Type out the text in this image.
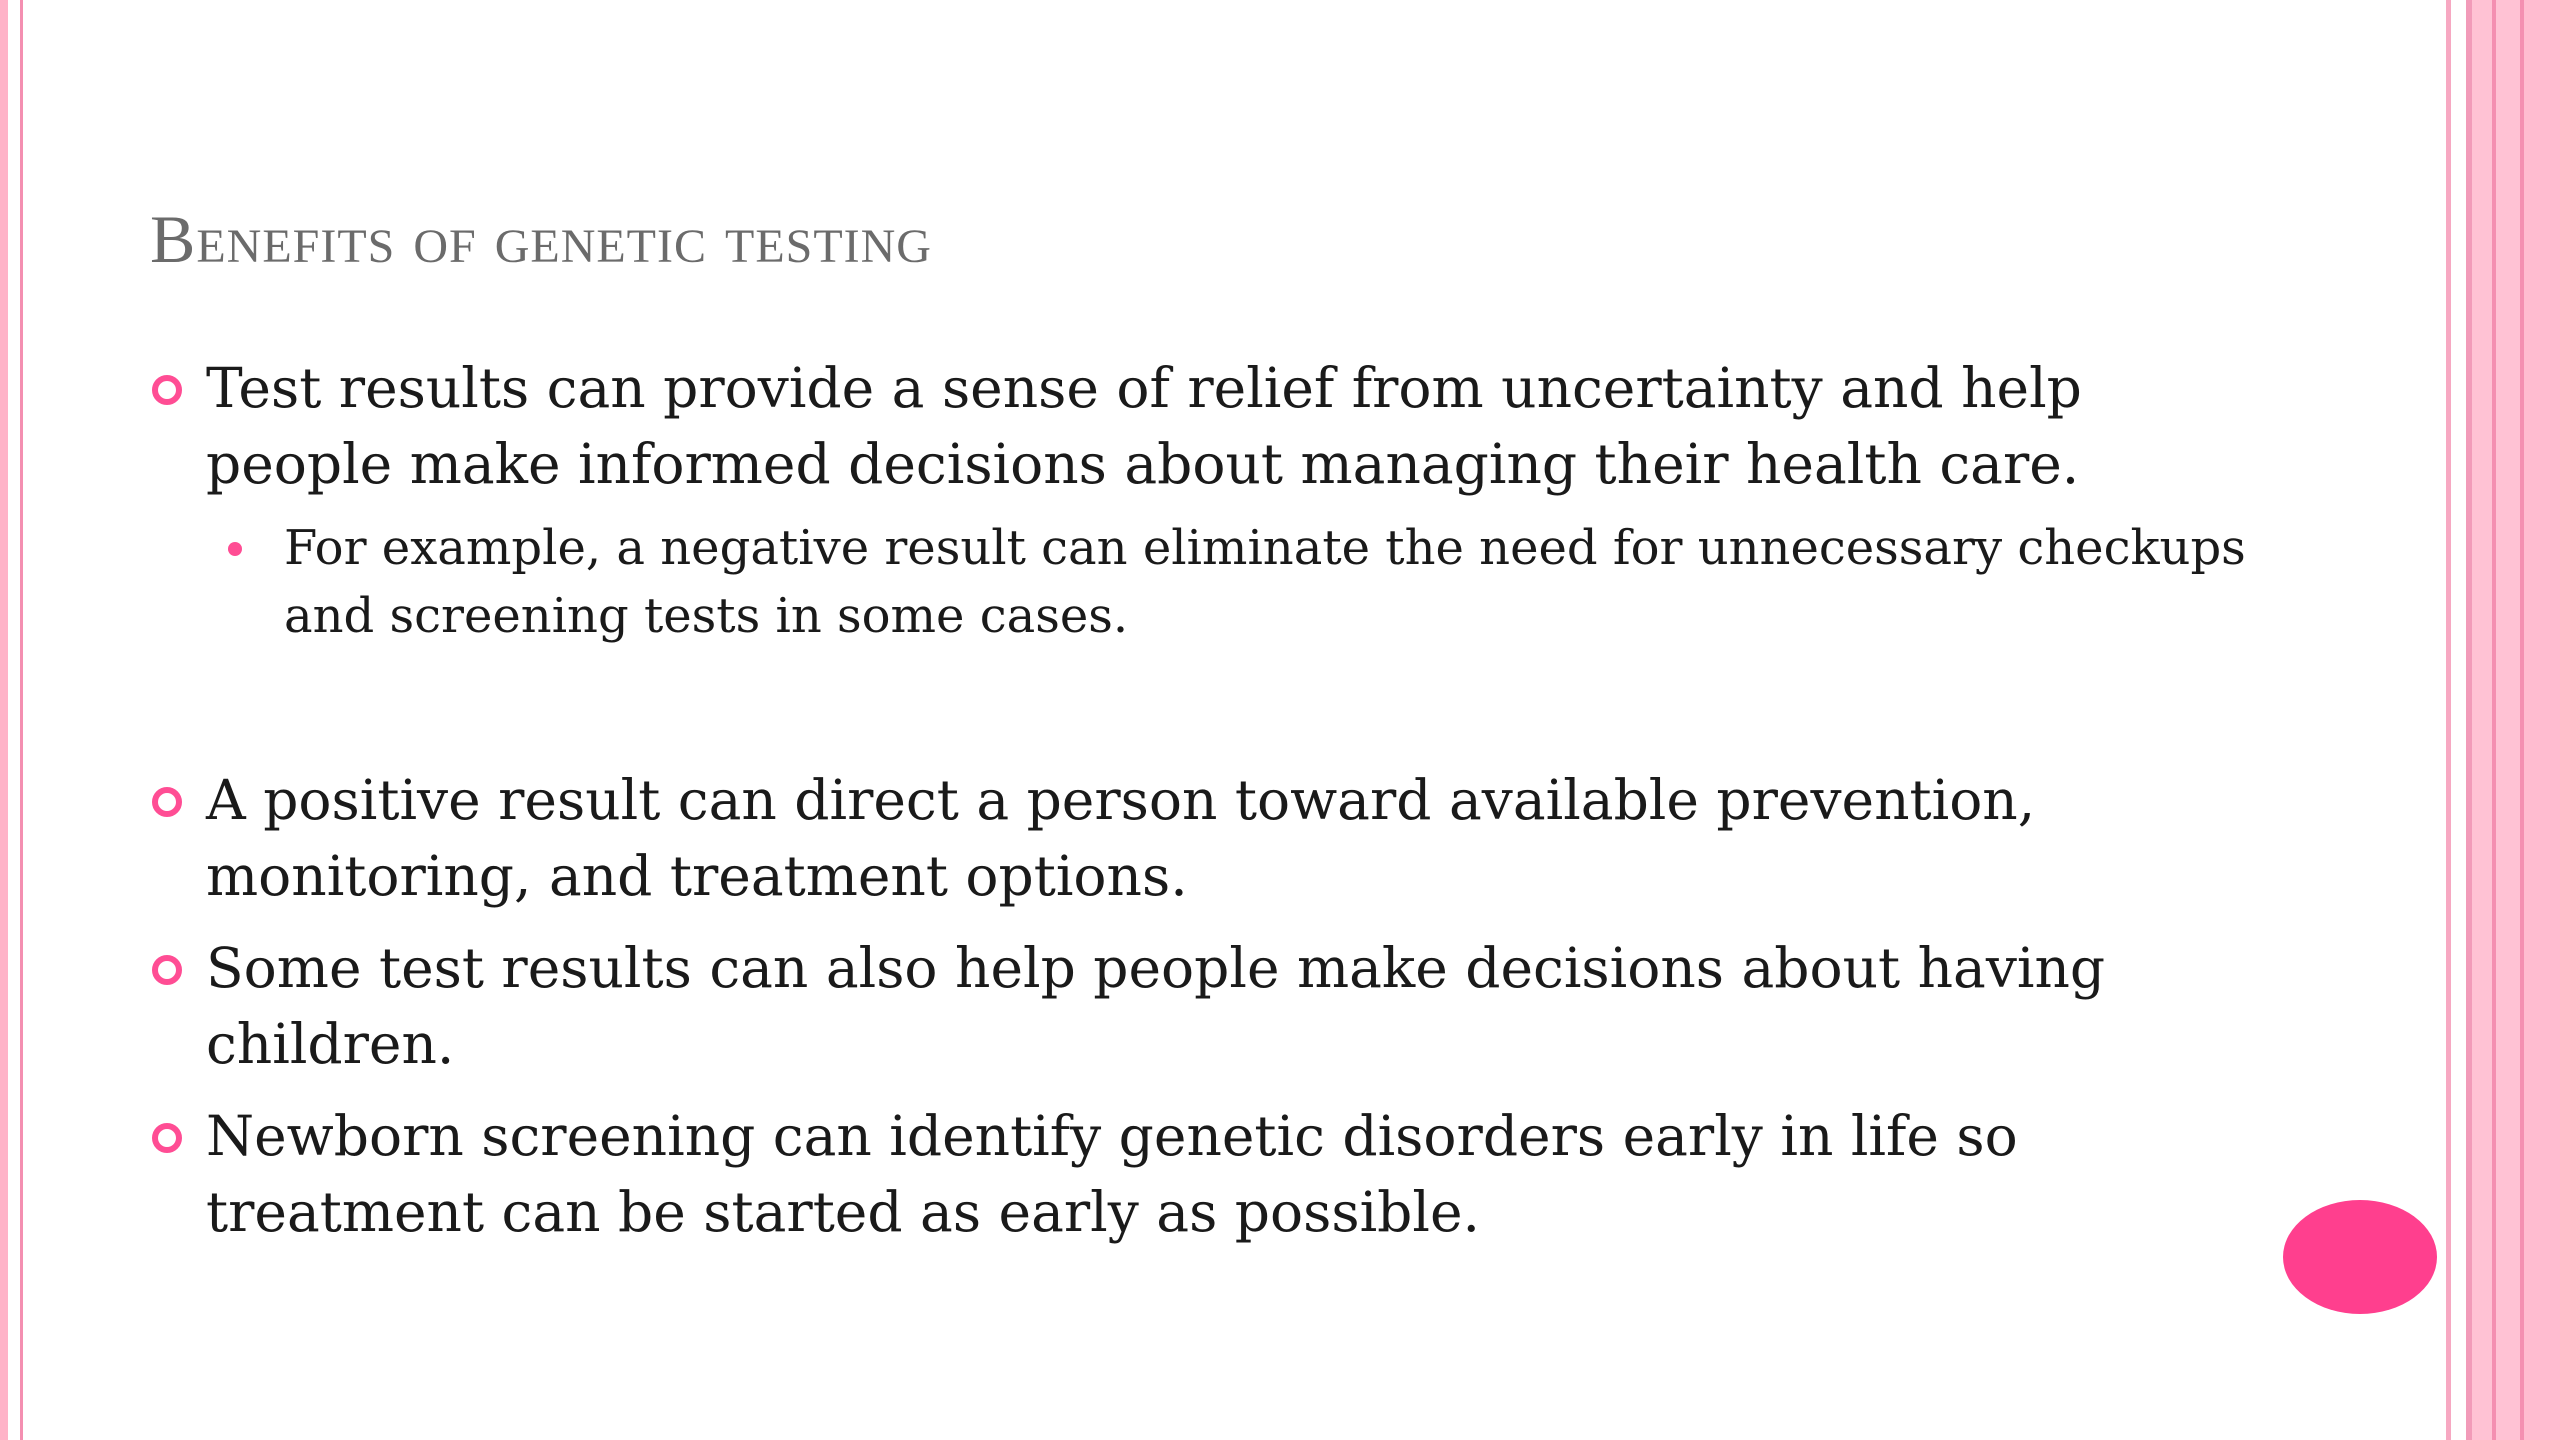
Benefits of genetic testing
Test results can provide a sense of relief from uncertainty and help people make informed decisions about managing their health care.
For example, a negative result can eliminate the need for unnecessary checkups and screening tests in some cases.
A positive result can direct a person toward available prevention, monitoring, and treatment options.
Some test results can also help people make decisions about having children.
Newborn screening can identify genetic disorders early in life so treatment can be started as early as possible.
